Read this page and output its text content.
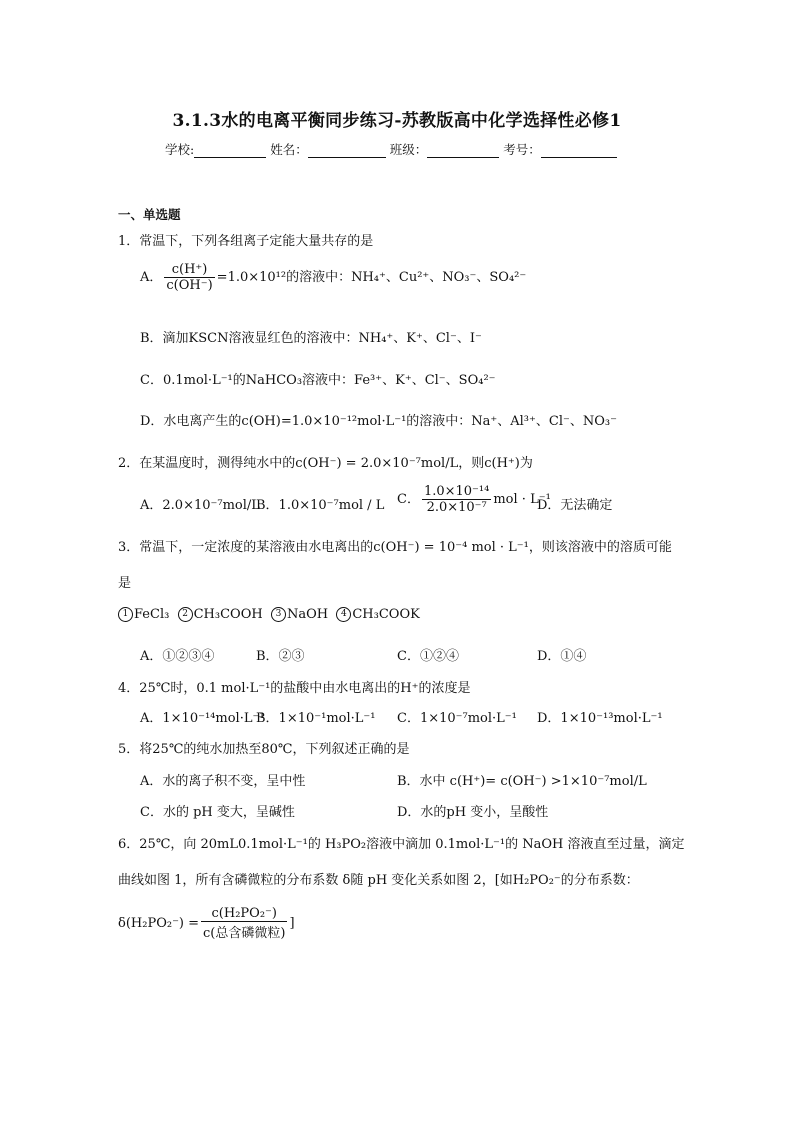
3.1.3水的电离平衡同步练习-苏教版高中化学选择性必修1
学校:	姓名：	班级：	考号：
一、单选题
1．常温下，下列各组离子定能大量共存的是
A． $\frac{c(H^+)}{c(OH^-)} =1.0\times 10^{12}$的溶液中：NH₄⁺、Cu²⁺、NO₃⁻、SO₄²⁻
B．滴加KSCN溶液显红色的溶液中：NH₄⁺、K⁺、Cl⁻、I⁻
C．0.1mol·L⁻¹的NaHCO₃溶液中：Fe³⁺、K⁺、Cl⁻、SO₄²⁻
D．水电离产生的c(OH)=1.0×10⁻¹²mol·L⁻¹的溶液中：Na⁺、Al³⁺、Cl⁻、NO₃⁻
2．在某温度时，测得纯水中的c(OH⁻) = 2.0×10⁻⁷mol/L，则c(H⁺)为
A．2.0×10⁻⁷mol/L
B．1.0×10⁻⁷mol / L C． $\frac{\text{1.0×10⁻¹⁴}}{\text{2.0×10⁻⁷}}$ mol · L⁻¹
D．无法确定
3．常温下，一定浓度的某溶液由水电离出的c(OH⁻) = 10⁻⁴ mol · L⁻¹，则该溶液中的溶质可能
是
1 FeCl₃ 2 CH₃COOH 3 NaOH 4 CH₃COOK
A．①②③④	B．②③	C．①②④	D．①④
4．25℃时，0.1 mol·L⁻¹的盐酸中由水电离出的H⁺的浓度是
A．1×10⁻¹⁴mol·L⁻¹
B．1×10⁻¹mol·L⁻¹ C．1×10⁻⁷mol·L⁻¹ D．1×10⁻¹³mol·L⁻¹
5．将25℃的纯水加热至80℃，下列叙述正确的是
A．水的离子积不变，呈中性	B．水中 c(H⁺)= c(OH⁻) >1×10⁻⁷mol/L
C．水的 pH 变大，呈碱性	D．水的pH 变小，呈酸性
6．25℃，向 20mL0.1mol·L⁻¹的 H₃PO₂溶液中滴加 0.1mol·L⁻¹的 NaOH 溶液直至过量，滴定
曲线如图 1，所有含磷微粒的分布系数 δ随 pH 变化关系如图 2，[如H₂PO₂⁻的分布系数：
$\delta(H_2PO_2^-) = \frac{\text{c(H₂PO₂⁻)}}{\text{c(总含磷微粒)}}$ ]
